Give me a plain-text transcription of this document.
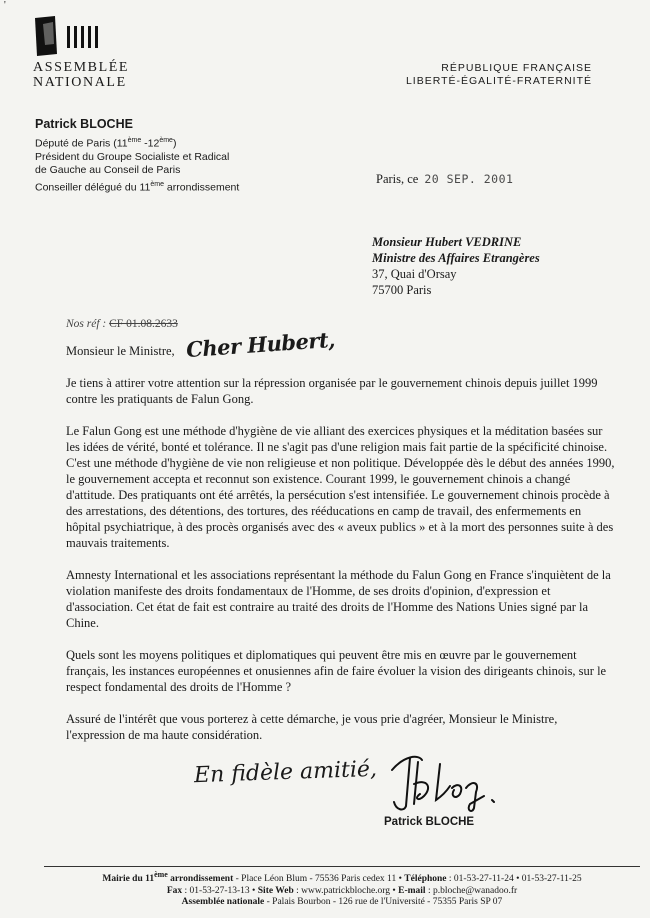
'
ASSEMBLÉE
NATIONALE
RÉPUBLIQUE FRANÇAISE
LIBERTÉ-ÉGALITÉ-FRATERNITÉ
Patrick BLOCHE
Député de Paris (11ème -12ème)
Président du Groupe Socialiste et Radical
de Gauche au Conseil de Paris
Conseiller délégué du 11ème arrondissement
Paris, ce 20 SEP. 2001
Monsieur Hubert VEDRINE
Ministre des Affaires Etrangères
37, Quai d'Orsay
75700 Paris
Nos réf : CF 01.08.2633
Monsieur le Ministre, Cher Hubert,

Je tiens à attirer votre attention sur la répression organisée par le gouvernement chinois depuis juillet 1999 contre les pratiquants de Falun Gong.

Le Falun Gong est une méthode d'hygiène de vie alliant des exercices physiques et la méditation basées sur les idées de vérité, bonté et tolérance. Il ne s'agit pas d'une religion mais fait partie de la spécificité chinoise. C'est une méthode d'hygiène de vie non religieuse et non politique. Développée dès le début des années 1990, le gouvernement accepta et reconnut son existence. Courant 1999, le gouvernement chinois a changé d'attitude. Des pratiquants ont été arrêtés, la persécution s'est intensifiée. Le gouvernement chinois procède à des arrestations, des détentions, des tortures, des rééducations en camp de travail, des enfermements en hôpital psychiatrique, à des procès organisés avec des « aveux publics » et à la mort des personnes suite à des mauvais traitements.

Amnesty International et les associations représentant la méthode du Falun Gong en France s'inquiètent de la violation manifeste des droits fondamentaux de l'Homme, de ses droits d'opinion, d'expression et d'association. Cet état de fait est contraire au traité des droits de l'Homme des Nations Unies signé par la Chine.

Quels sont les moyens politiques et diplomatiques qui peuvent être mis en œuvre par le gouvernement français, les instances européennes et onusiennes afin de faire évoluer la vision des dirigeants chinois, sur le respect fondamental des droits de l'Homme ?

Assuré de l'intérêt que vous porterez à cette démarche, je vous prie d'agréer, Monsieur le Ministre, l'expression de ma haute considération.

En fidèle amitié,
Patrick BLOCHE
Mairie du 11ème arrondissement - Place Léon Blum - 75536 Paris cedex 11 • Téléphone : 01-53-27-11-24 • 01-53-27-11-25
Fax : 01-53-27-13-13 • Site Web : www.patrickbloche.org • E-mail : p.bloche@wanadoo.fr
Assemblée nationale - Palais Bourbon - 126 rue de l'Université - 75355 Paris SP 07
